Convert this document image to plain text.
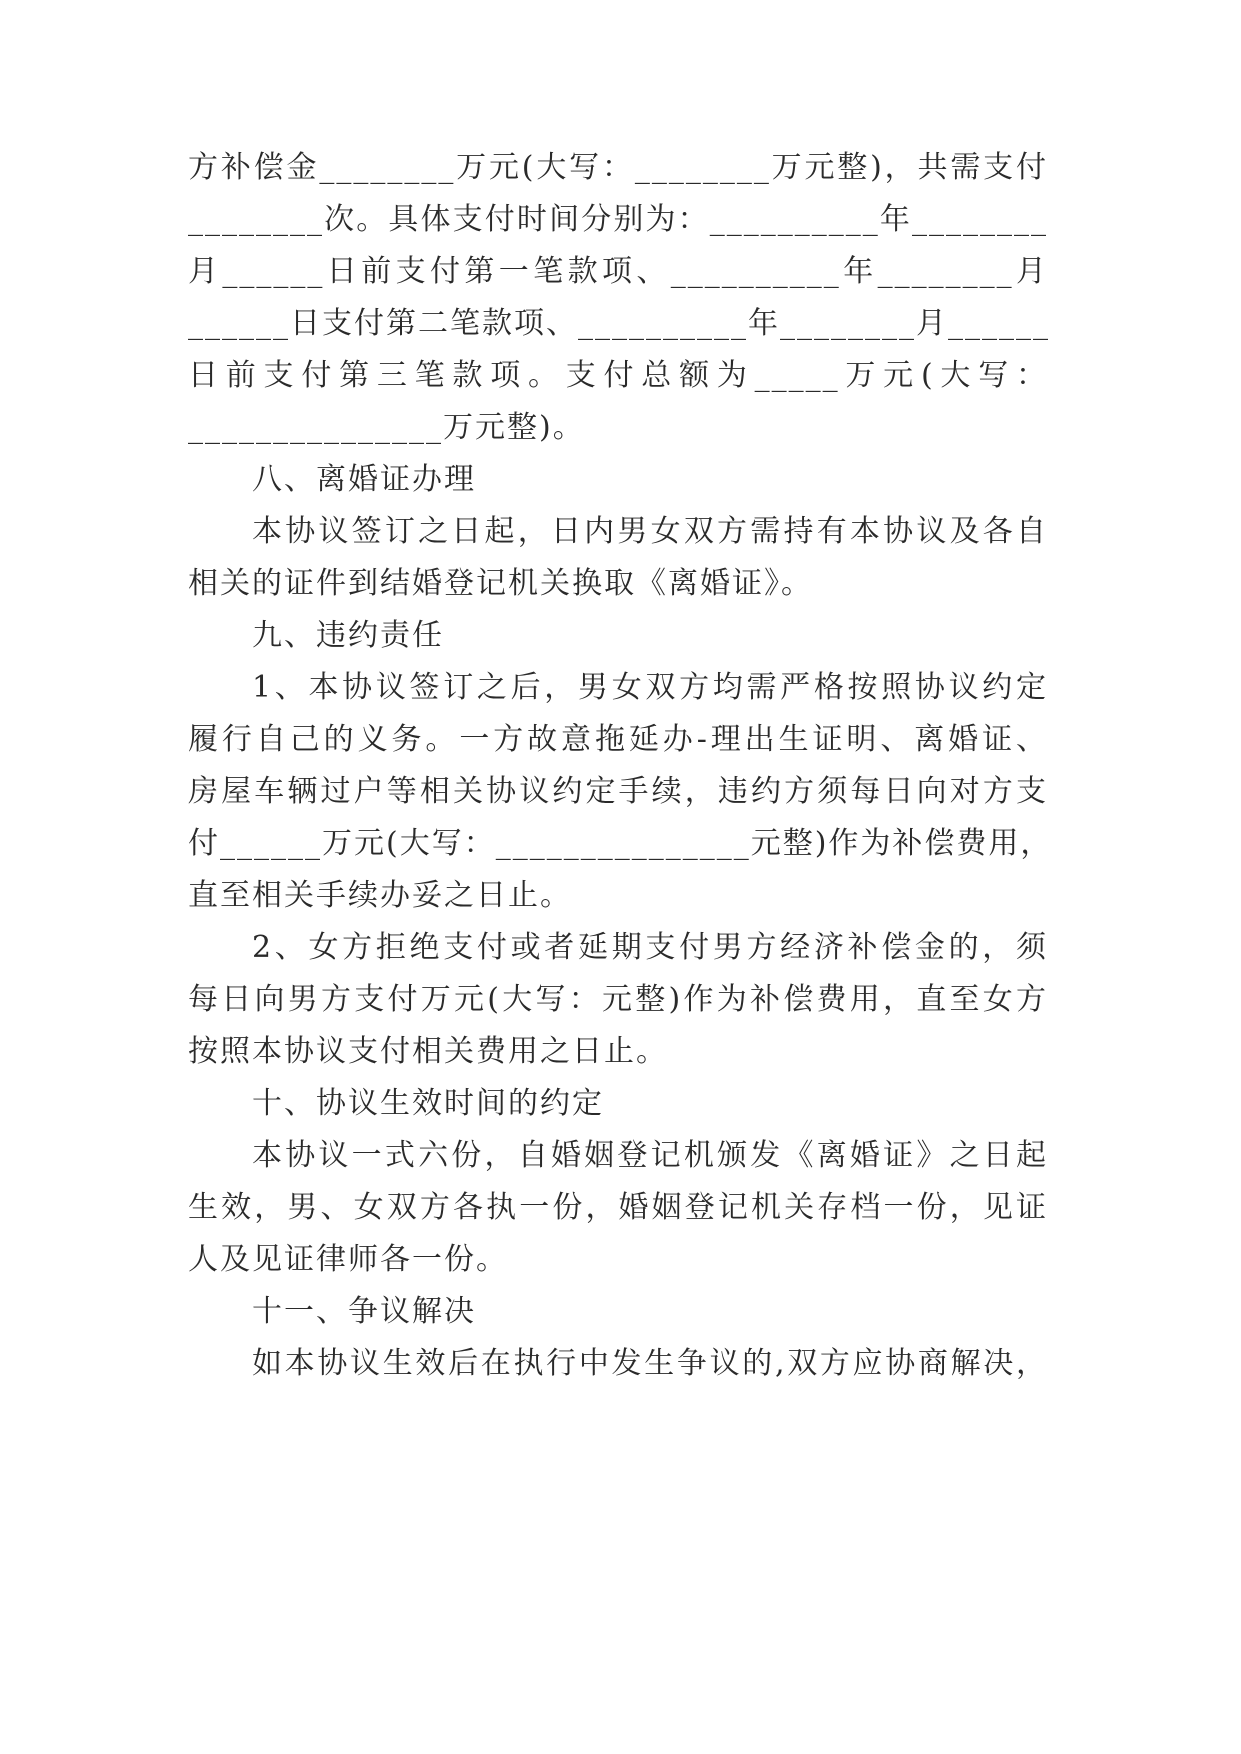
方补偿金________万元(大写：________万元整)，共需支付

________次。具体支付时间分别为：__________年________

月______日前支付第一笔款项、__________年________月

______日支付第二笔款项、__________年________月______

日前支付第三笔款项。支付总额为_____万元(大写：

_______________万元整)。

八、离婚证办理

本协议签订之日起，日内男女双方需持有本协议及各自

相关的证件到结婚登记机关换取《离婚证》。

九、违约责任

1、本协议签订之后，男女双方均需严格按照协议约定

履行自己的义务。一方故意拖延办-理出生证明、离婚证、

房屋车辆过户等相关协议约定手续，违约方须每日向对方支

付______万元(大写：_______________元整)作为补偿费用，

直至相关手续办妥之日止。

2、女方拒绝支付或者延期支付男方经济补偿金的，须

每日向男方支付万元(大写：元整)作为补偿费用，直至女方

按照本协议支付相关费用之日止。

十、协议生效时间的约定

本协议一式六份，自婚姻登记机颁发《离婚证》之日起

生效，男、女双方各执一份，婚姻登记机关存档一份，见证

人及见证律师各一份。

十一、争议解决

如本协议生效后在执行中发生争议的,双方应协商解决，
